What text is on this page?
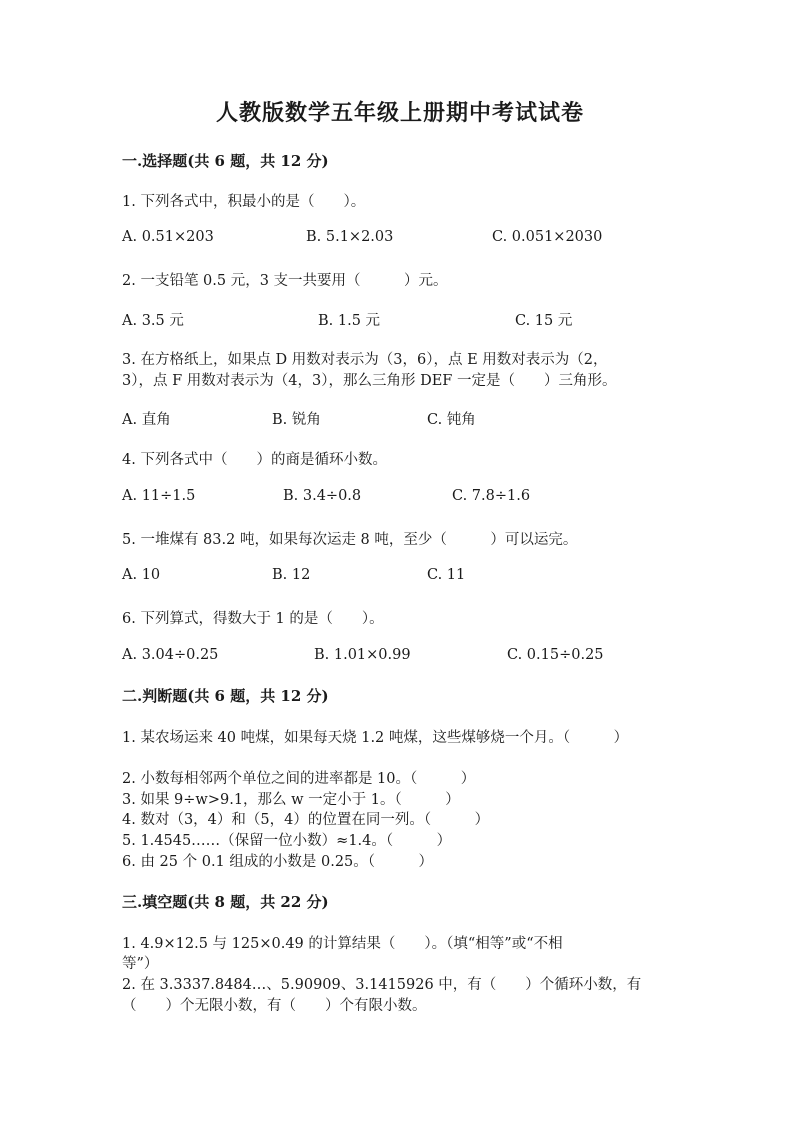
人教版数学五年级上册期中考试试卷
一.选择题(共 6 题，共 12 分)
1. 下列各式中，积最小的是（　　）。
A. 0.51×203	B. 5.1×2.03	C. 0.051×2030
2. 一支铅笔 0.5 元，3 支一共要用（　　　）元。
A. 3.5 元	B. 1.5 元	C. 15 元
3. 在方格纸上，如果点 D 用数对表示为（3，6），点 E 用数对表示为（2，
3），点 F 用数对表示为（4，3），那么三角形 DEF 一定是（　　）三角形。
A. 直角	B. 锐角	C. 钝角
4. 下列各式中（　　）的商是循环小数。
A. 11÷1.5	B. 3.4÷0.8	C. 7.8÷1.6
5. 一堆煤有 83.2 吨，如果每次运走 8 吨，至少（　　　）可以运完。
A. 10	B. 12	C. 11
6. 下列算式，得数大于 1 的是（　　）。
A. 3.04÷0.25	B. 1.01×0.99	C. 0.15÷0.25
二.判断题(共 6 题，共 12 分)
1. 某农场运来 40 吨煤，如果每天烧 1.2 吨煤，这些煤够烧一个月。（　　　）
2. 小数每相邻两个单位之间的进率都是 10。（　　　）
3. 如果 9÷w>9.1，那么 w 一定小于 1。（　　　）
4. 数对（3，4）和（5，4）的位置在同一列。（　　　）
5. 1.4545……（保留一位小数）≈1.4。（　　　）
6. 由 25 个 0.1 组成的小数是 0.25。（　　　）
三.填空题(共 8 题，共 22 分)
1. 4.9×12.5 与 125×0.49 的计算结果（　　）。（填“相等”或“不相
等”）
2. 在 3.3337.8484…、5.90909、3.1415926 中，有（　　）个循环小数，有
（　　）个无限小数，有（　　）个有限小数。
